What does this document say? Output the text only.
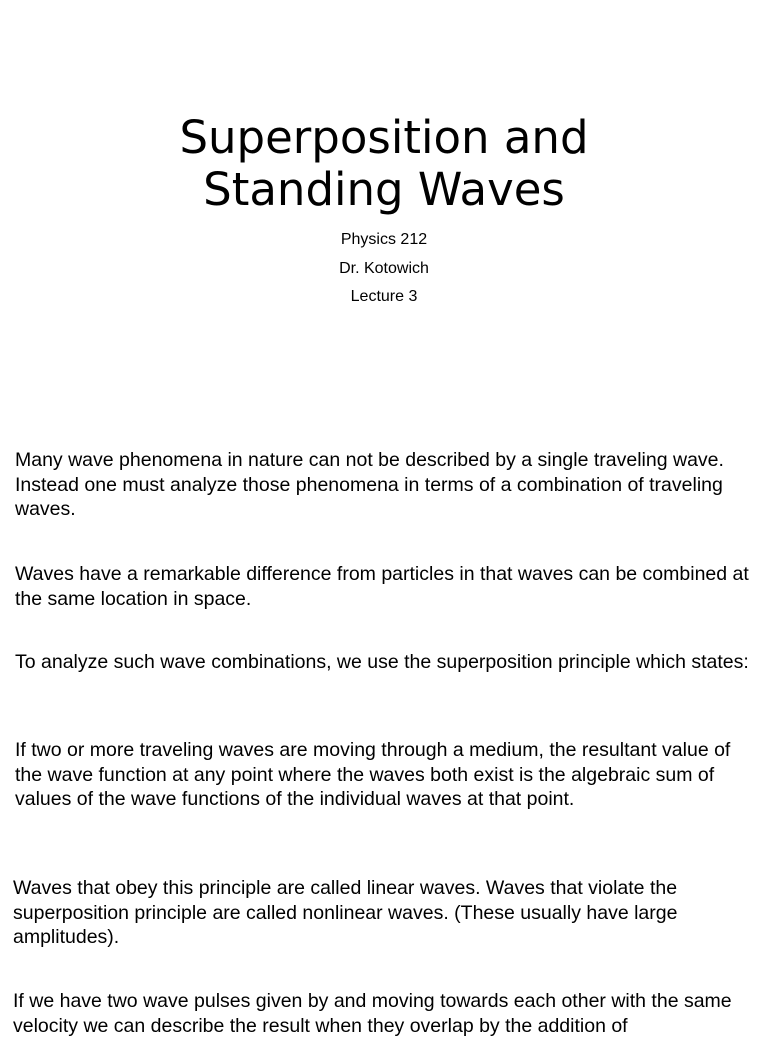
Superposition and
Standing Waves
Physics 212
Dr. Kotowich
Lecture 3

Many wave phenomena in nature can not be described by a single traveling wave. Instead one must analyze those phenomena in terms of a combination of traveling waves.

Waves have a remarkable difference from particles in that waves can be combined at the same location in space.

To analyze such wave combinations, we use the superposition principle which states:

If two or more traveling waves are moving through a medium, the resultant value of the wave function at any point where the waves both exist is the algebraic sum of values of the wave functions of the individual waves at that point.

Waves that obey this principle are called linear waves. Waves that violate the superposition principle are called nonlinear waves. (These usually have large amplitudes).

If we have two wave pulses given by and moving towards each other with the same velocity we can describe the result when they overlap by the addition of
